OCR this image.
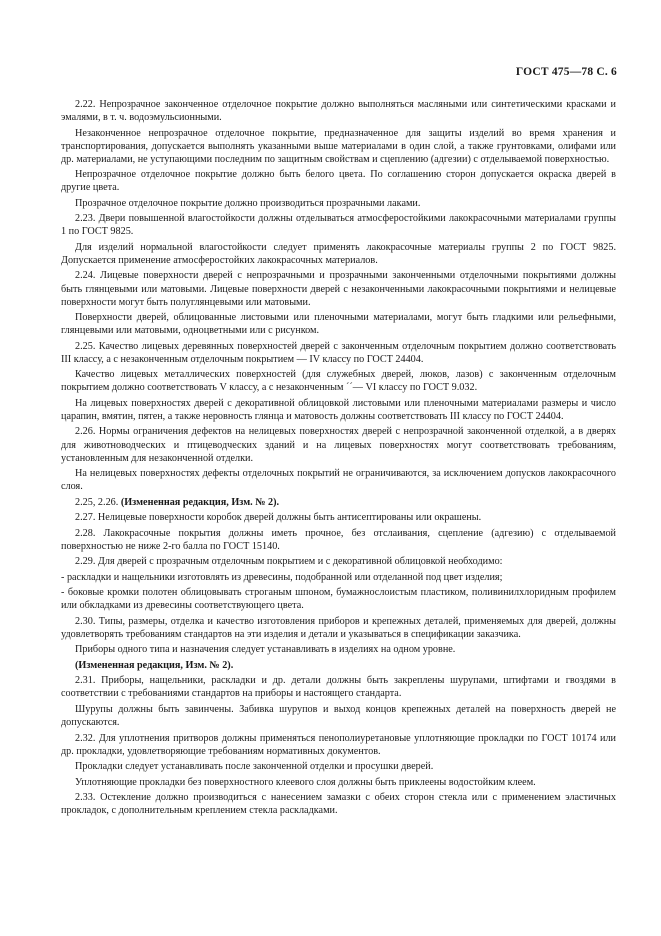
ГОСТ 475—78 С. 6

2.22. Непрозрачное законченное отделочное покрытие должно выполняться масляными или синтетическими красками и эмалями, в т. ч. водоэмульсионными.

Незаконченное непрозрачное отделочное покрытие, предназначенное для защиты изделий во время хранения и транспортирования, допускается выполнять указанными выше материалами в один слой, а также грунтовками, олифами или др. материалами, не уступающими последним по защитным свойствам и сцеплению (адгезии) с отделываемой поверхностью.

Непрозрачное отделочное покрытие должно быть белого цвета. По соглашению сторон допускается окраска дверей в другие цвета.

Прозрачное отделочное покрытие должно производиться прозрачными лаками.

2.23. Двери повышенной влагостойкости должны отделываться атмосферостойкими лакокрасочными материалами группы 1 по ГОСТ 9825.

Для изделий нормальной влагостойкости следует применять лакокрасочные материалы группы 2 по ГОСТ 9825. Допускается применение атмосферостойких лакокрасочных материалов.

2.24. Лицевые поверхности дверей с непрозрачными и прозрачными законченными отделочными покрытиями должны быть глянцевыми или матовыми. Лицевые поверхности дверей с незаконченными лакокрасочными покрытиями и нелицевые поверхности могут быть полуглянцевыми или матовыми.

Поверхности дверей, облицованные листовыми или пленочными материалами, могут быть гладкими или рельефными, глянцевыми или матовыми, одноцветными или с рисунком.

2.25. Качество лицевых деревянных поверхностей дверей с законченным отделочным покрытием должно соответствовать III классу, а с незаконченным отделочным покрытием — IV классу по ГОСТ 24404.

Качество лицевых металлических поверхностей (для служебных дверей, люков, лазов) с законченным отделочным покрытием должно соответствовать V классу, а с незаконченным ´´— VI классу по ГОСТ 9.032.

На лицевых поверхностях дверей с декоративной облицовкой листовыми или пленочными материалами размеры и число царапин, вмятин, пятен, а также неровность глянца и матовость должны соответствовать III классу по ГОСТ 24404.

2.26. Нормы ограничения дефектов на нелицевых поверхностях дверей с непрозрачной законченной отделкой, а в дверях для животноводческих и птицеводческих зданий и на лицевых поверхностях могут соответствовать требованиям, установленным для незаконченной отделки.

На нелицевых поверхностях дефекты отделочных покрытий не ограничиваются, за исключением допусков лакокрасочного слоя.

2.25, 2.26. (Измененная редакция, Изм. № 2).

2.27. Нелицевые поверхности коробок дверей должны быть антисептированы или окрашены.

2.28. Лакокрасочные покрытия должны иметь прочное, без отслаивания, сцепление (адгезию) с отделываемой поверхностью не ниже 2-го балла по ГОСТ 15140.

2.29. Для дверей с прозрачным отделочным покрытием и с декоративной облицовкой необходимо:

- раскладки и нащельники изготовлять из древесины, подобранной или отделанной под цвет изделия;

- боковые кромки полотен облицовывать строганым шпоном, бумажнослоистым пластиком, поливинилхлоридным профилем или обкладками из древесины соответствующего цвета.

2.30. Типы, размеры, отделка и качество изготовления приборов и крепежных деталей, применяемых для дверей, должны удовлетворять требованиям стандартов на эти изделия и детали и указываться в спецификации заказчика.

Приборы одного типа и назначения следует устанавливать в изделиях на одном уровне.

(Измененная редакция, Изм. № 2).

2.31. Приборы, нащельники, раскладки и др. детали должны быть закреплены шурупами, штифтами и гвоздями в соответствии с требованиями стандартов на приборы и настоящего стандарта.

Шурупы должны быть завинчены. Забивка шурупов и выход концов крепежных деталей на поверхность дверей не допускаются.

2.32. Для уплотнения притворов должны применяться пенополиуретановые уплотняющие прокладки по ГОСТ 10174 или др. прокладки, удовлетворяющие требованиям нормативных документов.

Прокладки следует устанавливать после законченной отделки и просушки дверей.

Уплотняющие прокладки без поверхностного клеевого слоя должны быть приклеены водостойким клеем.

2.33. Остекление должно производиться с нанесением замазки с обеих сторон стекла или с применением эластичных прокладок, с дополнительным креплением стекла раскладками.
